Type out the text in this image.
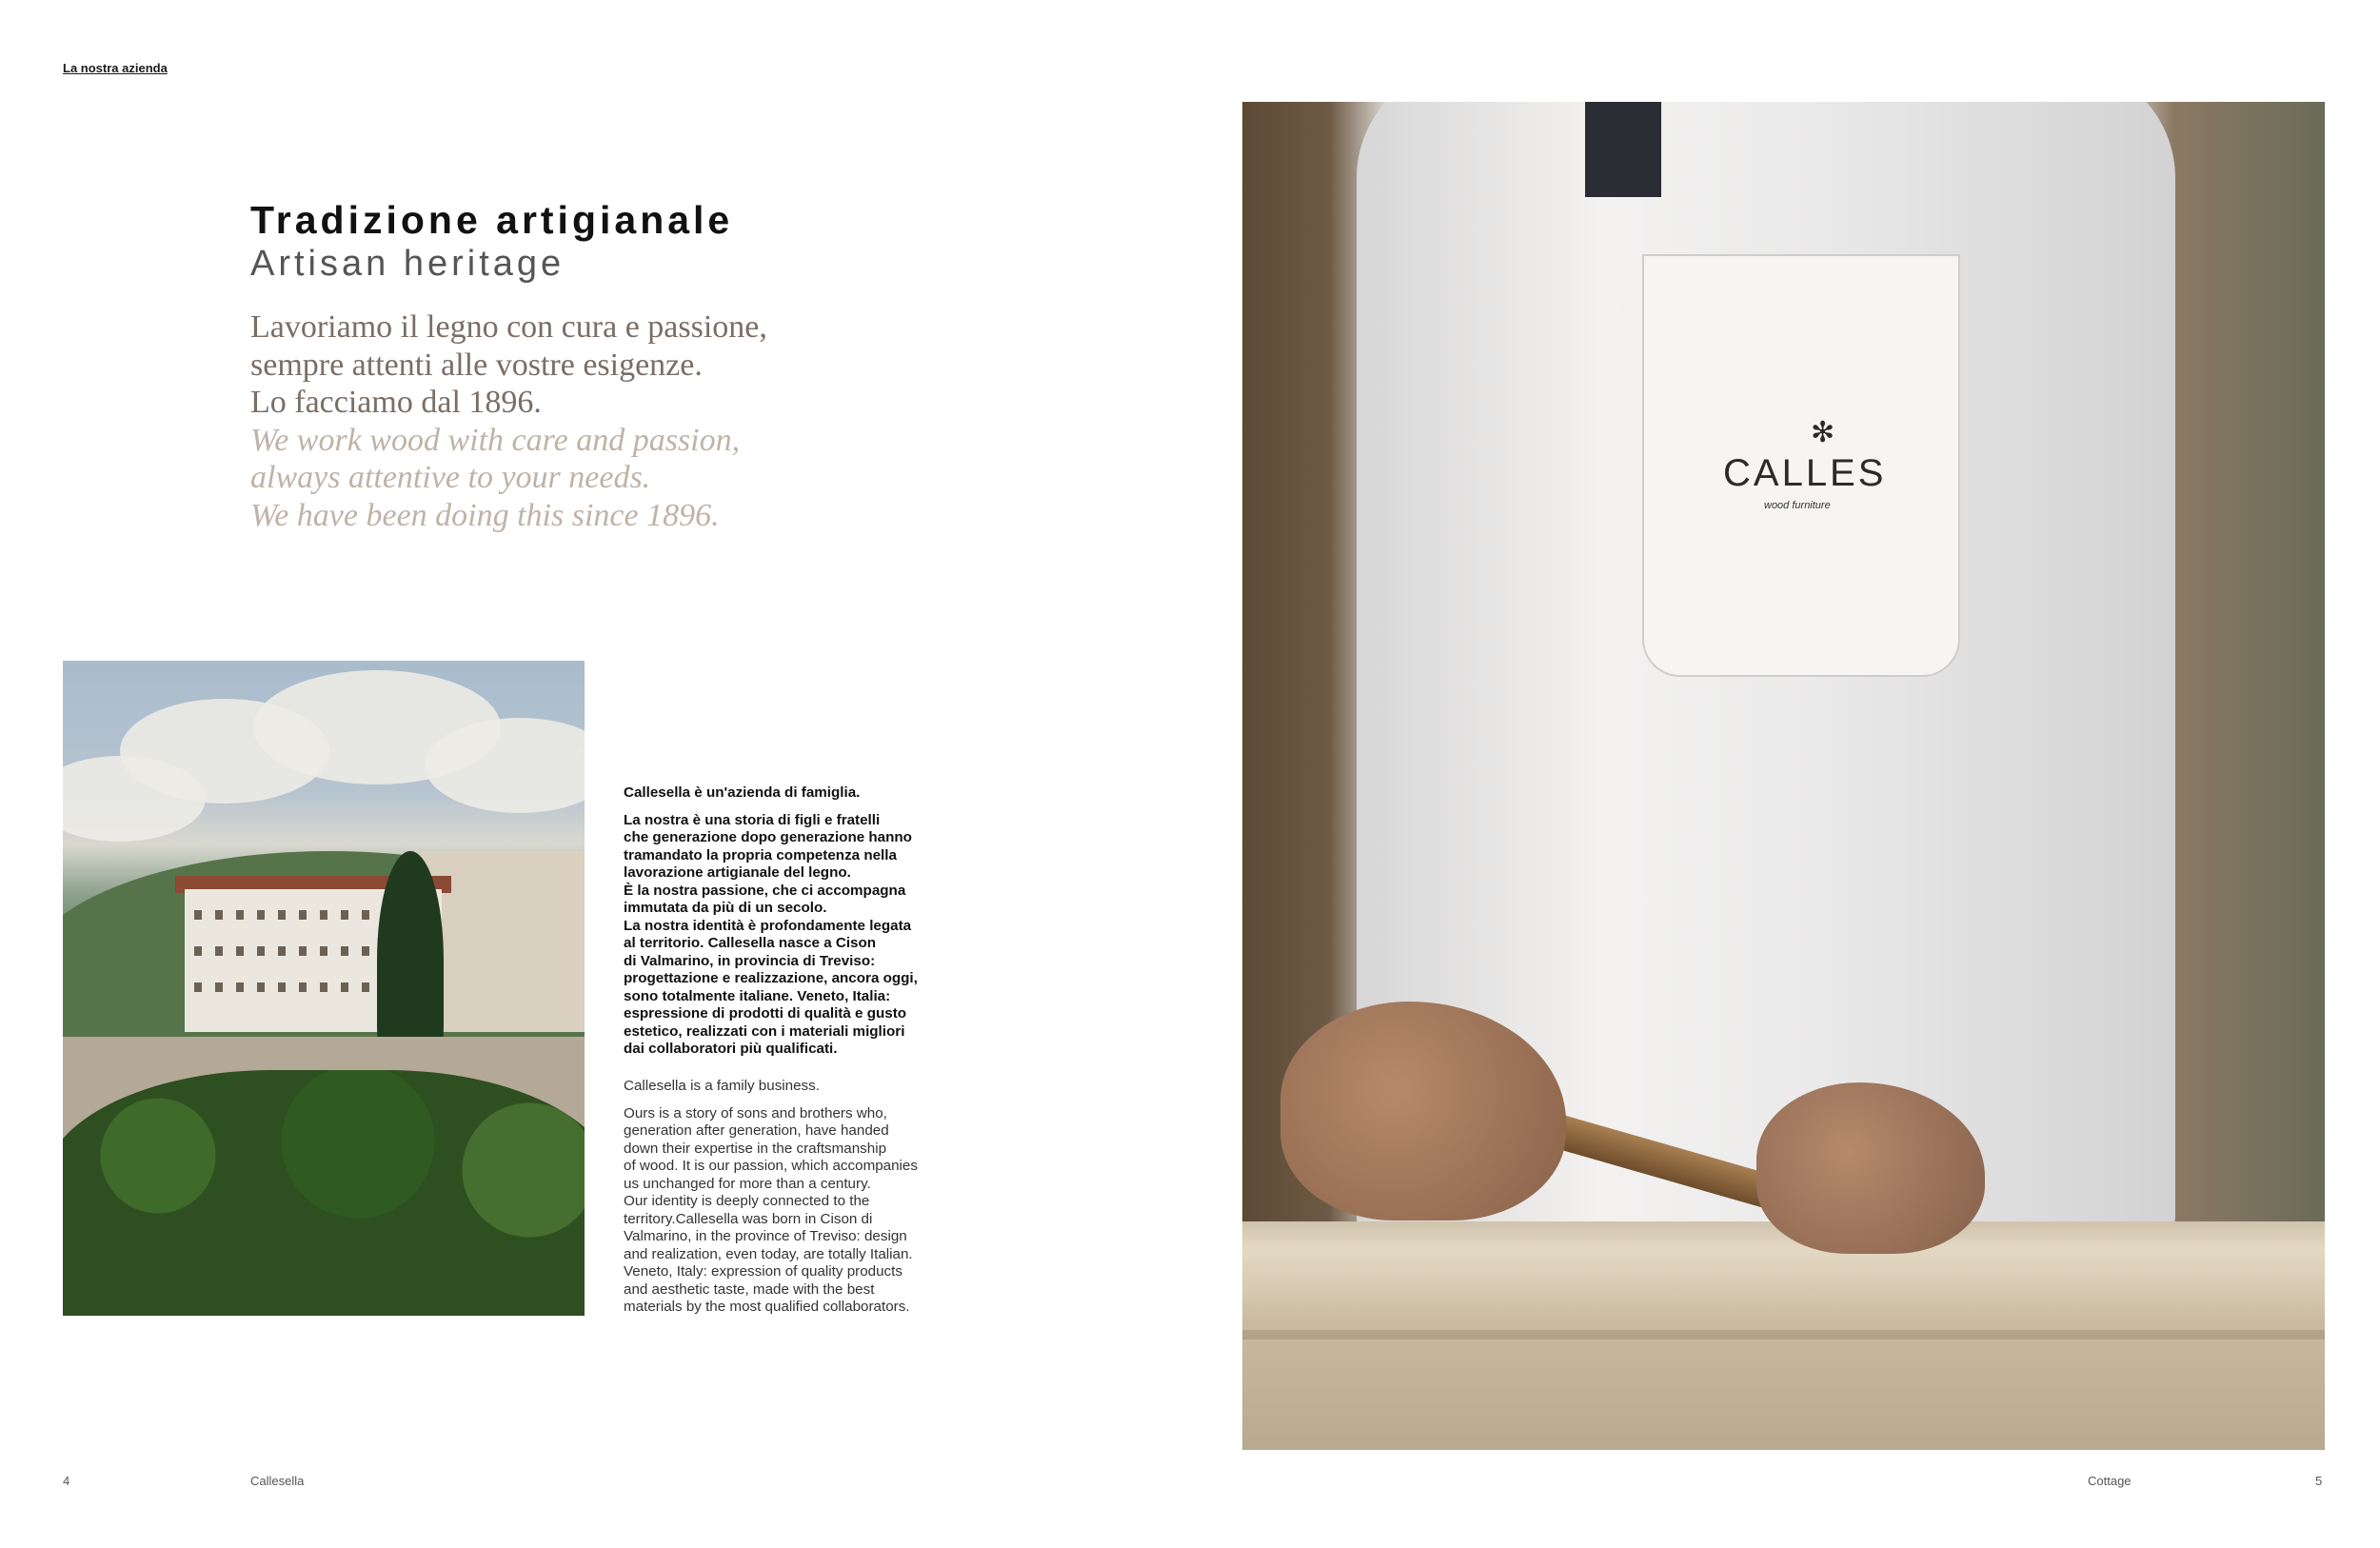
La nostra azienda
Tradizione artigianale
Artisan heritage
Lavoriamo il legno con cura e passione,
sempre attenti alle vostre esigenze.
Lo facciamo dal 1896.
We work wood with care and passion,
always attentive to your needs.
We have been doing this since 1896.

Callesella è un'azienda di famiglia.

La nostra è una storia di figli e fratelli
che generazione dopo generazione hanno
tramandato la propria competenza nella
lavorazione artigianale del legno.
È la nostra passione, che ci accompagna
immutata da più di un secolo.
La nostra identità è profondamente legata
al territorio. Callesella nasce a Cison
di Valmarino, in provincia di Treviso:
progettazione e realizzazione, ancora oggi,
sono totalmente italiane. Veneto, Italia:
espressione di prodotti di qualità e gusto
estetico, realizzati con i materiali migliori
dai collaboratori più qualificati.

Callesella is a family business.

Ours is a story of sons and brothers who,
generation after generation, have handed
down their expertise in the craftsmanship
of wood. It is our passion, which accompanies
us unchanged for more than a century.
Our identity is deeply connected to the
territory.Callesella was born in Cison di
Valmarino, in the province of Treviso: design
and realization, even today, are totally Italian.
Veneto, Italy: expression of quality products
and aesthetic taste, made with the best
materials by the most qualified collaborators.

✻
CALLES
wood furniture
4	Callesella	Cottage	5
